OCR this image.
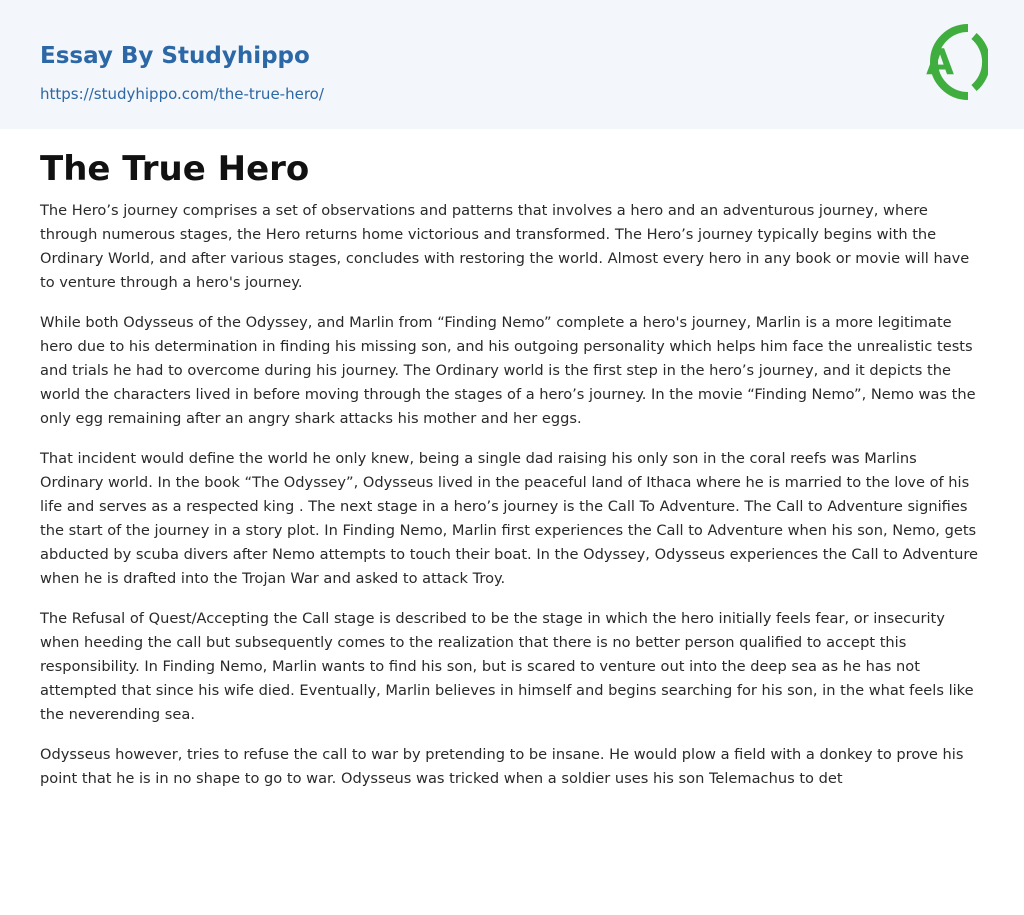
Essay By Studyhippo
https://studyhippo.com/the-true-hero/
A
The True Hero

The Hero’s journey comprises a set of observations and patterns that involves a hero and an adventurous journey, where through numerous stages, the Hero returns home victorious and transformed. The Hero’s journey typically begins with the Ordinary World, and after various stages, concludes with restoring the world. Almost every hero in any book or movie will have to venture through a hero's journey.

While both Odysseus of the Odyssey, and Marlin from “Finding Nemo” complete a hero's journey, Marlin is a more legitimate hero due to his determination in finding his missing son, and his outgoing personality which helps him face the unrealistic tests and trials he had to overcome during his journey. The Ordinary world is the first step in the hero’s journey, and it depicts the world the characters lived in before moving through the stages of a hero’s journey. In the movie “Finding Nemo”, Nemo was the only egg remaining after an angry shark attacks his mother and her eggs.

That incident would define the world he only knew, being a single dad raising his only son in the coral reefs was Marlins Ordinary world. In the book “The Odyssey”, Odysseus lived in the peaceful land of Ithaca where he is married to the love of his life and serves as a respected king . The next stage in a hero’s journey is the Call To Adventure. The Call to Adventure signifies the start of the journey in a story plot. In Finding Nemo, Marlin first experiences the Call to Adventure when his son, Nemo, gets abducted by scuba divers after Nemo attempts to touch their boat. In the Odyssey, Odysseus experiences the Call to Adventure when he is drafted into the Trojan War and asked to attack Troy.

The Refusal of Quest/Accepting the Call stage is described to be the stage in which the hero initially feels fear, or insecurity when heeding the call but subsequently comes to the realization that there is no better person qualified to accept this responsibility. In Finding Nemo, Marlin wants to find his son, but is scared to venture out into the deep sea as he has not attempted that since his wife died. Eventually, Marlin believes in himself and begins searching for his son, in the what feels like the neverending sea.

Odysseus however, tries to refuse the call to war by pretending to be insane. He would plow a field with a donkey to prove his point that he is in no shape to go to war. Odysseus was tricked when a soldier uses his son Telemachus to det
